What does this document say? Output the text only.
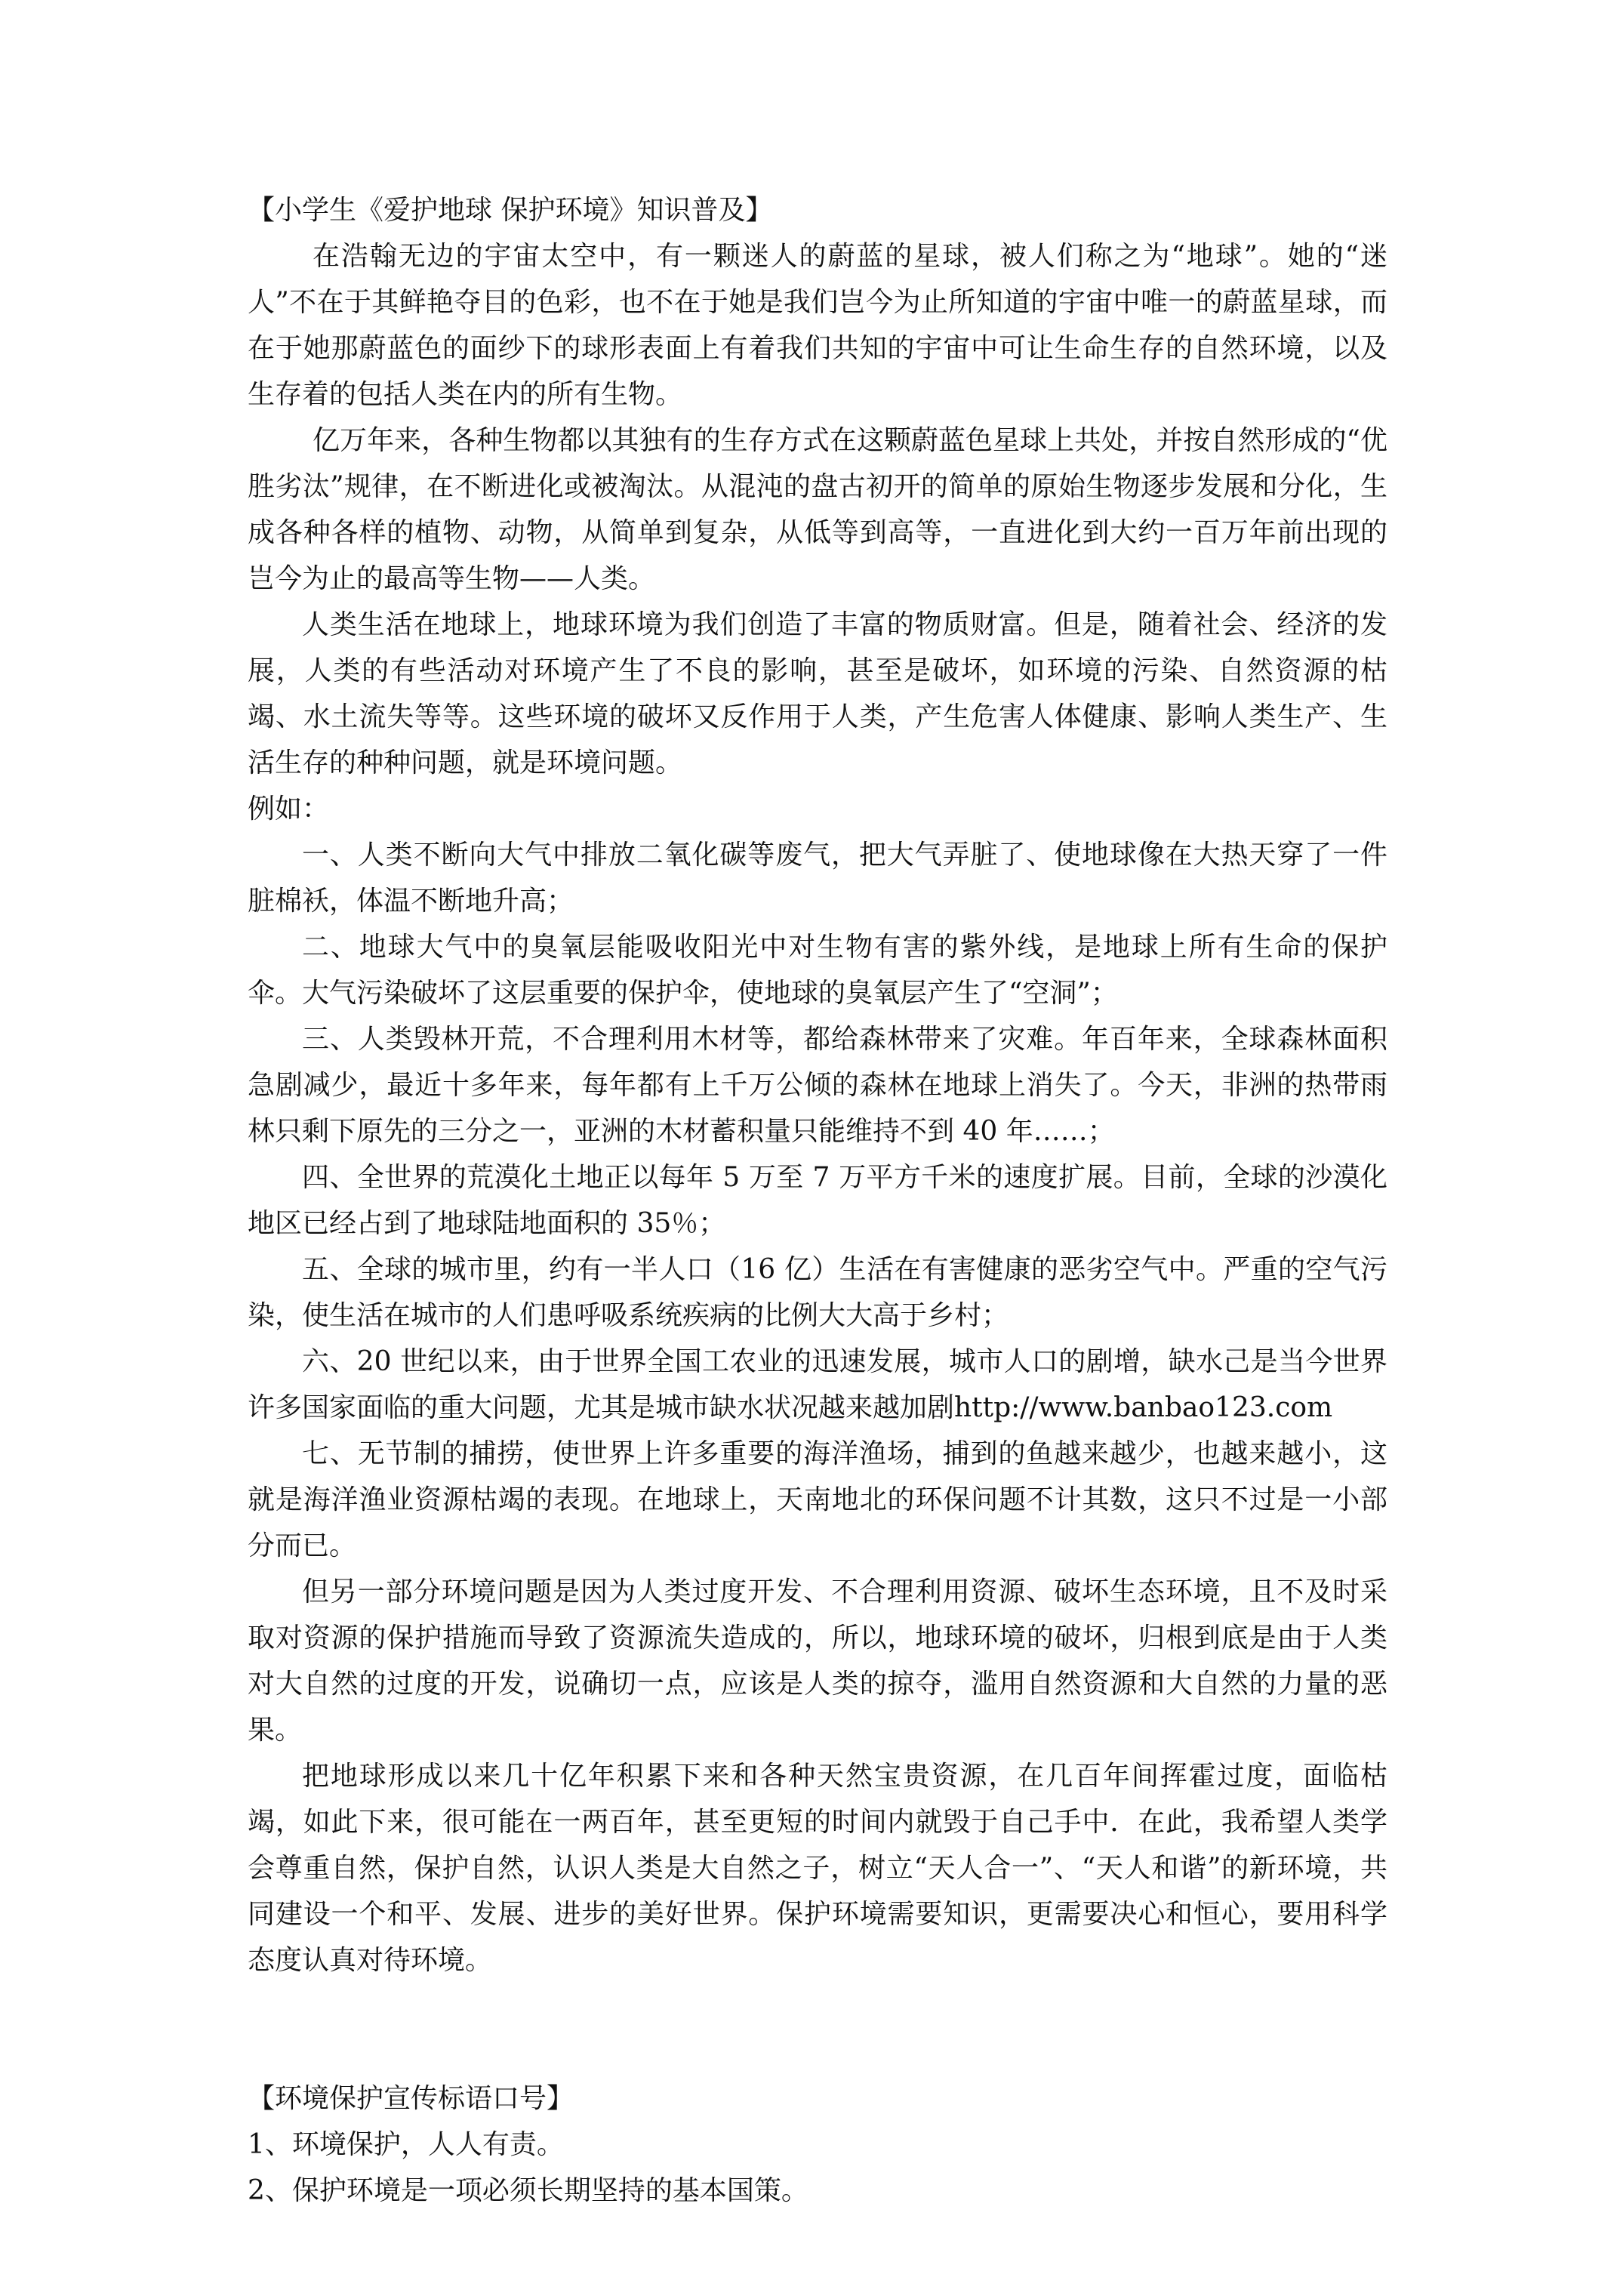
【小学生《爱护地球 保护环境》知识普及】

在浩翰无边的宇宙太空中，有一颗迷人的蔚蓝的星球，被人们称之为“地球”。她的“迷人”不在于其鲜艳夺目的色彩，也不在于她是我们岂今为止所知道的宇宙中唯一的蔚蓝星球，而在于她那蔚蓝色的面纱下的球形表面上有着我们共知的宇宙中可让生命生存的自然环境，以及生存着的包括人类在内的所有生物。

亿万年来，各种生物都以其独有的生存方式在这颗蔚蓝色星球上共处，并按自然形成的“优胜劣汰”规律，在不断进化或被淘汰。从混沌的盘古初开的简单的原始生物逐步发展和分化，生成各种各样的植物、动物，从简单到复杂，从低等到高等，一直进化到大约一百万年前出现的岂今为止的最高等生物——人类。

人类生活在地球上，地球环境为我们创造了丰富的物质财富。但是，随着社会、经济的发展，人类的有些活动对环境产生了不良的影响，甚至是破坏，如环境的污染、自然资源的枯竭、水土流失等等。这些环境的破坏又反作用于人类，产生危害人体健康、影响人类生产、生活生存的种种问题，就是环境问题。

例如：

一、人类不断向大气中排放二氧化碳等废气，把大气弄脏了、使地球像在大热天穿了一件脏棉袄，体温不断地升高；

二、地球大气中的臭氧层能吸收阳光中对生物有害的紫外线，是地球上所有生命的保护伞。大气污染破坏了这层重要的保护伞，使地球的臭氧层产生了“空洞”；

三、人类毁林开荒，不合理利用木材等，都给森林带来了灾难。年百年来，全球森林面积急剧减少，最近十多年来，每年都有上千万公倾的森林在地球上消失了。今天，非洲的热带雨林只剩下原先的三分之一，亚洲的木材蓄积量只能维持不到 40 年……；

四、全世界的荒漠化土地正以每年 5 万至 7 万平方千米的速度扩展。目前，全球的沙漠化地区已经占到了地球陆地面积的 35％；

五、全球的城市里，约有一半人口（16 亿）生活在有害健康的恶劣空气中。严重的空气污染，使生活在城市的人们患呼吸系统疾病的比例大大高于乡村；

六、20 世纪以来，由于世界全国工农业的迅速发展，城市人口的剧增，缺水己是当今世界许多国家面临的重大问题，尤其是城市缺水状况越来越加剧http://www.banbao123.com

七、无节制的捕捞，使世界上许多重要的海洋渔场，捕到的鱼越来越少，也越来越小，这就是海洋渔业资源枯竭的表现。在地球上，天南地北的环保问题不计其数，这只不过是一小部分而已。

但另一部分环境问题是因为人类过度开发、不合理利用资源、破坏生态环境，且不及时采取对资源的保护措施而导致了资源流失造成的，所以，地球环境的破坏，归根到底是由于人类对大自然的过度的开发，说确切一点，应该是人类的掠夺，滥用自然资源和大自然的力量的恶果。

把地球形成以来几十亿年积累下来和各种天然宝贵资源，在几百年间挥霍过度，面临枯竭，如此下来，很可能在一两百年，甚至更短的时间内就毁于自己手中．在此，我希望人类学会尊重自然，保护自然，认识人类是大自然之子，树立“天人合一”、“天人和谐”的新环境，共同建设一个和平、发展、进步的美好世界。保护环境需要知识，更需要决心和恒心，要用科学态度认真对待环境。

【环境保护宣传标语口号】

1、环境保护，人人有责。

2、保护环境是一项必须长期坚持的基本国策。
